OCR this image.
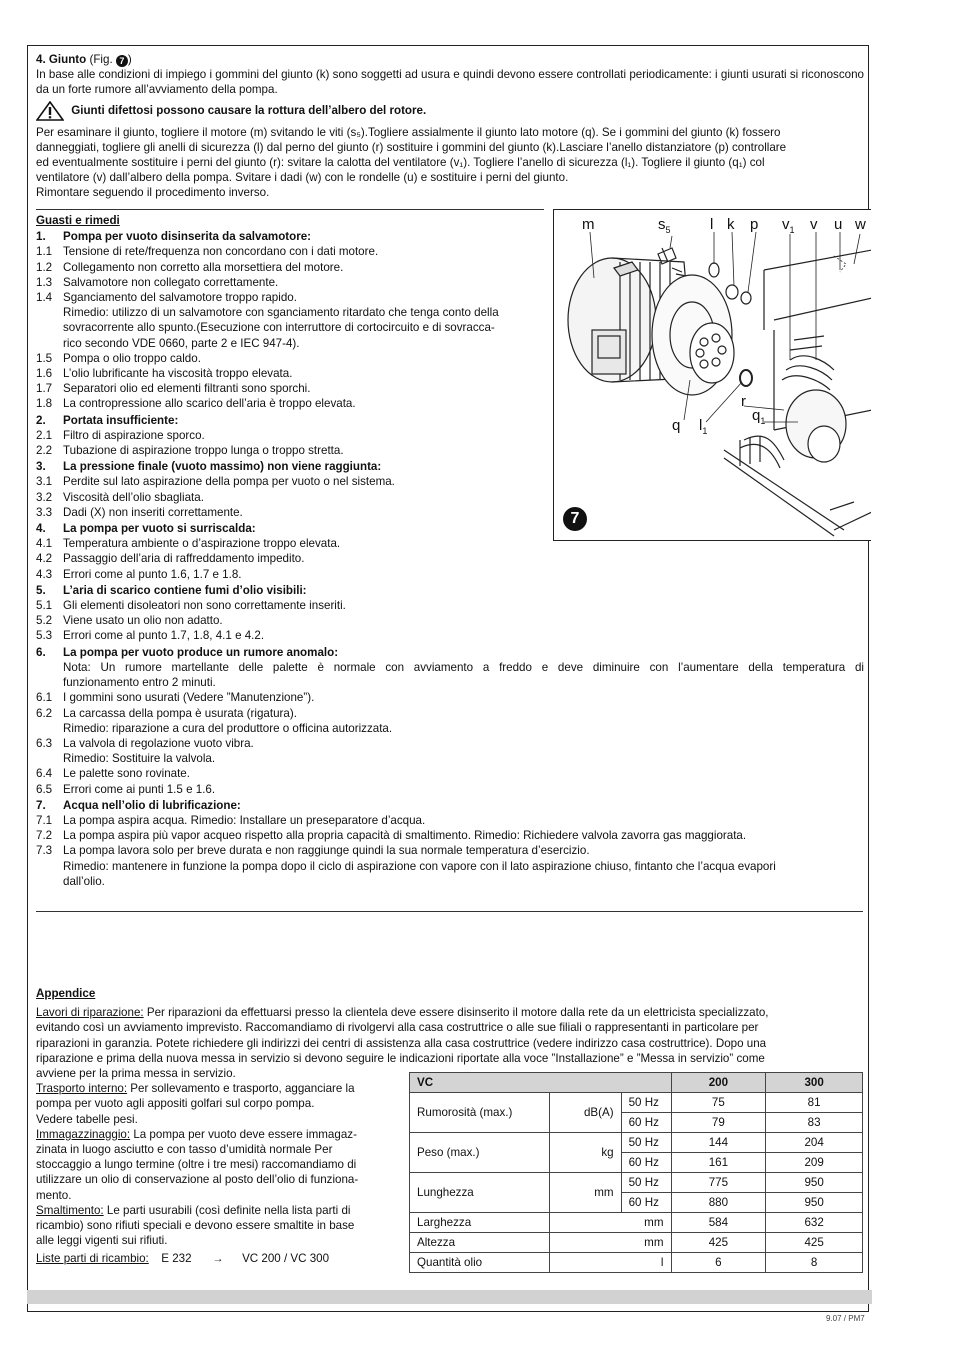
4. Giunto (Fig. 7 )

In base alle condizioni di impiego i gommini del giunto (k) sono soggetti ad usura e quindi devono essere controllati periodicamente: i giunti usurati si riconoscono da un forte rumore all’avviamento della pompa.

Giunti difettosi possono causare la rottura dell’albero del rotore.

Per esaminare il giunto, togliere il motore (m) svitando le viti (s₅).Togliere assialmente il giunto lato motore (q). Se i gommini del giunto (k) fossero

danneggiati, togliere gli anelli di sicurezza (l) dal perno del giunto (r) sostituire i gommini del giunto (k).Lasciare l’anello distanziatore (p) controllare

ed eventualmente sostituire i perni del giunto (r): svitare la calotta del ventilatore (v₁). Togliere l’anello di sicurezza (l₁). Togliere il giunto (q₁) col

ventilatore (v) dall’albero della pompa. Svitare i dadi (w) con le rondelle (u) e sostituire i perni del giunto.

Rimontare seguendo il procedimento inverso.

Guasti e rimedi

1.	Pompa per vuoto disinserita da salvamotore:
1.1 Tensione di rete/frequenza non concordano con i dati motore.
1.2 Collegamento non corretto alla morsettiera del motore.
1.3 Salvamotore non collegato correttamente.
1.4 Sganciamento del salvamotore troppo rapido.
Rimedio: utilizzo di un salvamotore con sganciamento ritardato che tenga conto della
sovracorrente allo spunto.(Esecuzione con interruttore di cortocircuito e di sovracca-
rico secondo VDE 0660, parte 2 e IEC 947-4).
1.5 Pompa o olio troppo caldo.
1.6 L’olio lubrificante ha viscosità troppo elevata.
1.7 Separatori olio ed elementi filtranti sono sporchi.
1.8 La contropressione allo scarico dell’aria è troppo elevata.
2.	Portata insufficiente:
2.1 Filtro di aspirazione sporco.
2.2 Tubazione di aspirazione troppo lunga o troppo stretta.
3.	La pressione finale (vuoto massimo) non viene raggiunta:
3.1 Perdite sul lato aspirazione della pompa per vuoto o nel sistema.
3.2 Viscosità dell’olio sbagliata.
3.3 Dadi (X) non inseriti correttamente.
4.	La pompa per vuoto si surriscalda:
4.1 Temperatura ambiente o d’aspirazione troppo elevata.
4.2 Passaggio dell’aria di raffreddamento impedito.
4.3 Errori come al punto 1.6, 1.7 e 1.8.
5.	L’aria di scarico contiene fumi d’olio visibili:
5.1 Gli elementi disoleatori non sono correttamente inseriti.
5.2 Viene usato un olio non adatto.
5.3 Errori come al punto 1.7, 1.8, 4.1 e 4.2.
6.	La pompa per vuoto produce un rumore anomalo:
Nota: Un rumore martellante delle palette è normale con avviamento a freddo e deve diminuire con l’aumentare della temperatura di
funzionamento entro 2 minuti.
6.1 I gommini sono usurati (Vedere ”Manutenzione”).
6.2 La carcassa della pompa è usurata (rigatura).
Rimedio: riparazione a cura del produttore o officina autorizzata.
6.3 La valvola di regolazione vuoto vibra.
Rimedio: Sostituire la valvola.
6.4 Le palette sono rovinate.
6.5 Errori come ai punti 1.5 e 1.6.
7.	Acqua nell’olio di lubrificazione:
7.1 La pompa aspira acqua. Rimedio: Installare un preseparatore d’acqua.
7.2 La pompa aspira più vapor acqueo rispetto alla propria capacità di smaltimento. Rimedio: Richiedere valvola zavorra gas maggiorata.
7.3 La pompa lavora solo per breve durata e non raggiunge quindi la sua normale temperatura d’esercizio.
Rimedio: mantenere in funzione la pompa dopo il ciclo di aspirazione con vapore con il lato aspirazione chiuso, fintanto che l’acqua evapori
dall’olio.
m	$s_5$	l k p $v_1$ v u w
r
$q_1$
q $l_1$
7

Appendice

Lavori di riparazione: Per riparazioni da effettuarsi presso la clientela deve essere disinserito il motore dalla rete da un elettricista specializzato,

evitando così un avviamento imprevisto. Raccomandiamo di rivolgervi alla casa costruttrice o alle sue filiali o rappresentanti in particolare per

riparazioni in garanzia. Potete richiedere gli indirizzi dei centri di assistenza alla casa costruttrice (vedere indirizzo casa costruttrice). Dopo una

riparazione e prima della nuova messa in servizio si devono seguire le indicazioni riportate alla voce ”Installazione” e ”Messa in servizio” come

avviene per la prima messa in servizio.

Trasporto interno: Per sollevamento e trasporto, agganciare la

pompa per vuoto agli appositi golfari sul corpo pompa.

Vedere tabelle pesi.

Immagazzinaggio: La pompa per vuoto deve essere immagaz-

zinata in luogo asciutto e con tasso d’umidità normale Per

stoccaggio a lungo termine (oltre i tre mesi) raccomandiamo di

utilizzare un olio di conservazione al posto dell’olio di funziona-

mento.

Smaltimento: Le parti usurabili (così definite nella lista parti di

ricambio) sono rifiuti speciali e devono essere smaltite in base

alle leggi vigenti sui rifiuti.

Liste parti di ricambio: E 232 → VC 200 / VC 300

VC			200	300
Rumorosità (max.)	dB(A)	50 Hz	75	81
		60 Hz	79	83
Peso (max.)	kg	50 Hz	144	204
		60 Hz	161	209
Lunghezza	mm	50 Hz	775	950
		60 Hz	880	950
Larghezza	mm		584	632
Altezza	mm		425	425
Quantità olio	l		6	8
9.07 / PM7
